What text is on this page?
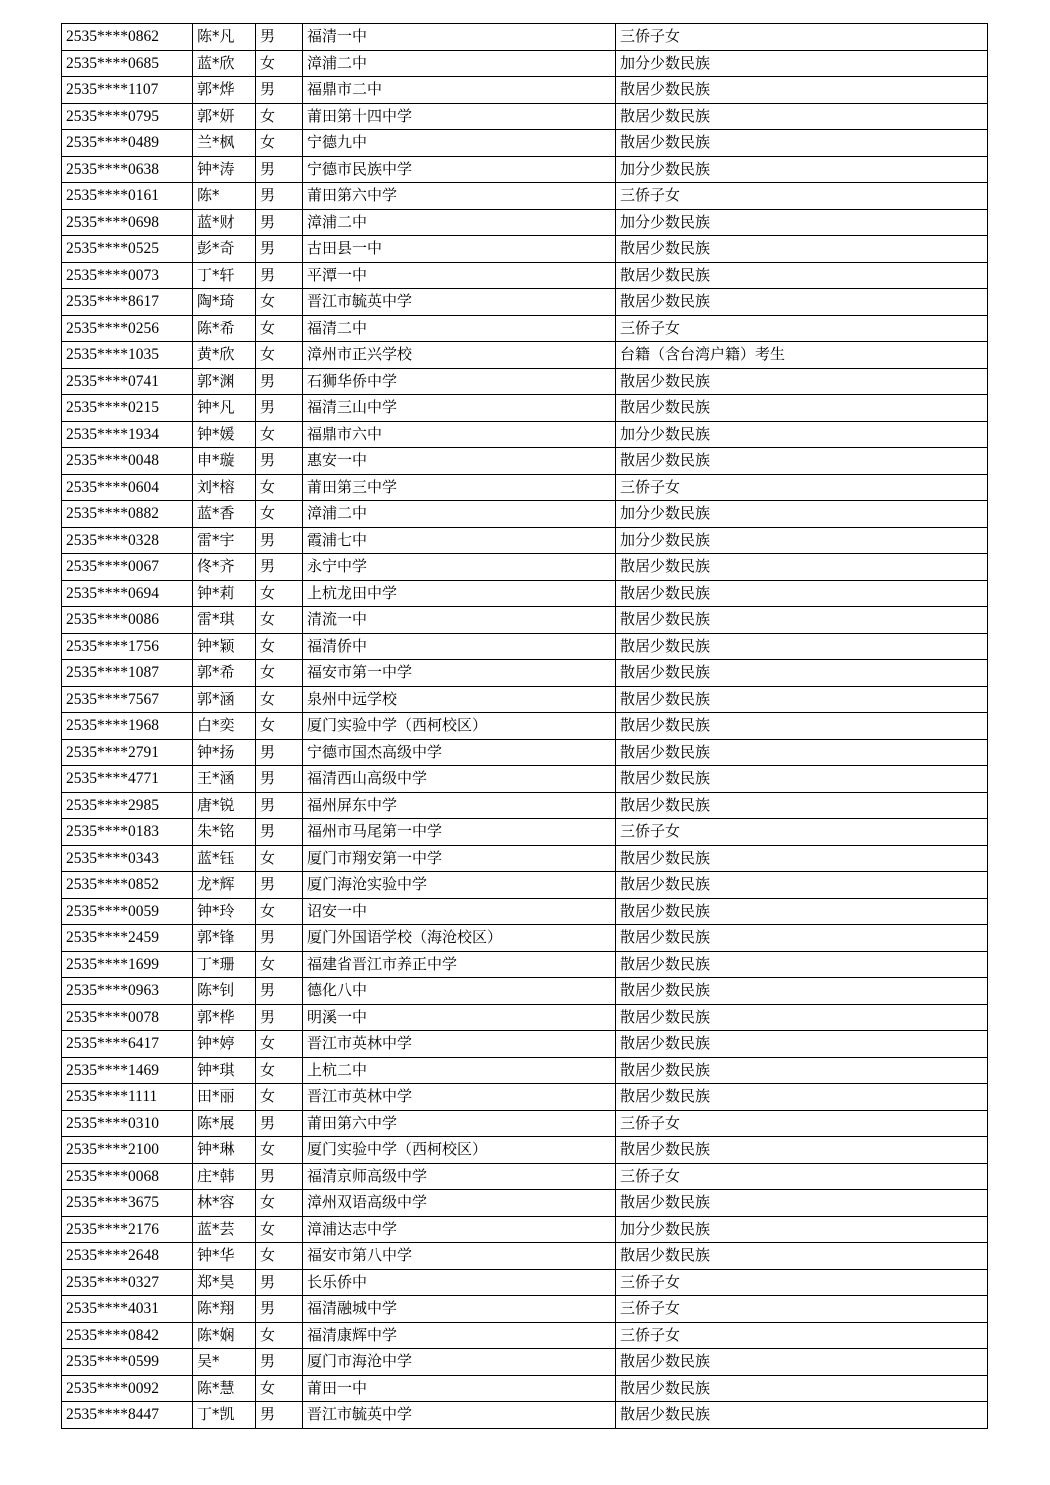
2535****0862	陈*凡	男	福清一中	三侨子女
2535****0685	蓝*欣	女	漳浦二中	加分少数民族
2535****1107	郭*烨	男	福鼎市二中	散居少数民族
2535****0795	郭*妍	女	莆田第十四中学	散居少数民族
2535****0489	兰*枫	女	宁德九中	散居少数民族
2535****0638	钟*涛	男	宁德市民族中学	加分少数民族
2535****0161	陈*	男	莆田第六中学	三侨子女
2535****0698	蓝*财	男	漳浦二中	加分少数民族
2535****0525	彭*奇	男	古田县一中	散居少数民族
2535****0073	丁*轩	男	平潭一中	散居少数民族
2535****8617	陶*琦	女	晋江市毓英中学	散居少数民族
2535****0256	陈*希	女	福清二中	三侨子女
2535****1035	黄*欣	女	漳州市正兴学校	台籍（含台湾户籍）考生
2535****0741	郭*渊	男	石狮华侨中学	散居少数民族
2535****0215	钟*凡	男	福清三山中学	散居少数民族
2535****1934	钟*媛	女	福鼎市六中	加分少数民族
2535****0048	申*璇	男	惠安一中	散居少数民族
2535****0604	刘*榕	女	莆田第三中学	三侨子女
2535****0882	蓝*香	女	漳浦二中	加分少数民族
2535****0328	雷*宇	男	霞浦七中	加分少数民族
2535****0067	佟*齐	男	永宁中学	散居少数民族
2535****0694	钟*莉	女	上杭龙田中学	散居少数民族
2535****0086	雷*琪	女	清流一中	散居少数民族
2535****1756	钟*颖	女	福清侨中	散居少数民族
2535****1087	郭*希	女	福安市第一中学	散居少数民族
2535****7567	郭*涵	女	泉州中远学校	散居少数民族
2535****1968	白*奕	女	厦门实验中学（西柯校区）	散居少数民族
2535****2791	钟*扬	男	宁德市国杰高级中学	散居少数民族
2535****4771	王*涵	男	福清西山高级中学	散居少数民族
2535****2985	唐*锐	男	福州屏东中学	散居少数民族
2535****0183	朱*铭	男	福州市马尾第一中学	三侨子女
2535****0343	蓝*钰	女	厦门市翔安第一中学	散居少数民族
2535****0852	龙*辉	男	厦门海沧实验中学	散居少数民族
2535****0059	钟*玲	女	诏安一中	散居少数民族
2535****2459	郭*锋	男	厦门外国语学校（海沧校区）	散居少数民族
2535****1699	丁*珊	女	福建省晋江市养正中学	散居少数民族
2535****0963	陈*钊	男	德化八中	散居少数民族
2535****0078	郭*桦	男	明溪一中	散居少数民族
2535****6417	钟*婷	女	晋江市英林中学	散居少数民族
2535****1469	钟*琪	女	上杭二中	散居少数民族
2535****1111	田*丽	女	晋江市英林中学	散居少数民族
2535****0310	陈*展	男	莆田第六中学	三侨子女
2535****2100	钟*琳	女	厦门实验中学（西柯校区）	散居少数民族
2535****0068	庄*韩	男	福清京师高级中学	三侨子女
2535****3675	林*容	女	漳州双语高级中学	散居少数民族
2535****2176	蓝*芸	女	漳浦达志中学	加分少数民族
2535****2648	钟*华	女	福安市第八中学	散居少数民族
2535****0327	郑*昊	男	长乐侨中	三侨子女
2535****4031	陈*翔	男	福清融城中学	三侨子女
2535****0842	陈*娴	女	福清康辉中学	三侨子女
2535****0599	吴*	男	厦门市海沧中学	散居少数民族
2535****0092	陈*慧	女	莆田一中	散居少数民族
2535****8447	丁*凯	男	晋江市毓英中学	散居少数民族
